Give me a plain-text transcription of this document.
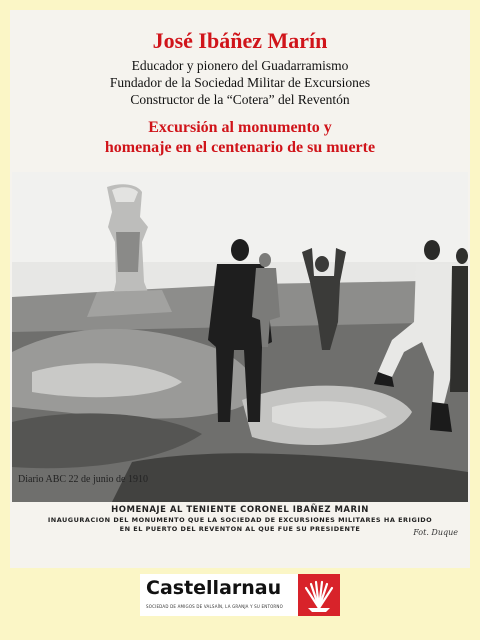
José Ibáñez Marín
Educador y pionero del Guadarramismo
Fundador de la Sociedad Militar de Excursiones
Constructor de la “Cotera” del Reventón
Excursión al monumento y
homenaje en el centenario de su muerte
Diario ABC 22 de junio de 1910
HOMENAJE AL TENIENTE CORONEL IBAÑEZ MARIN
INAUGURACION DEL MONUMENTO QUE LA SOCIEDAD DE EXCURSIONES MILITARES HA ERIGIDO
EN EL PUERTO DEL REVENTON AL QUE FUE SU PRESIDENTE	Fot. Duque
Castellarnau
SOCIEDAD DE AMIGOS DE VALSAÍN, LA GRANJA Y SU ENTORNO
